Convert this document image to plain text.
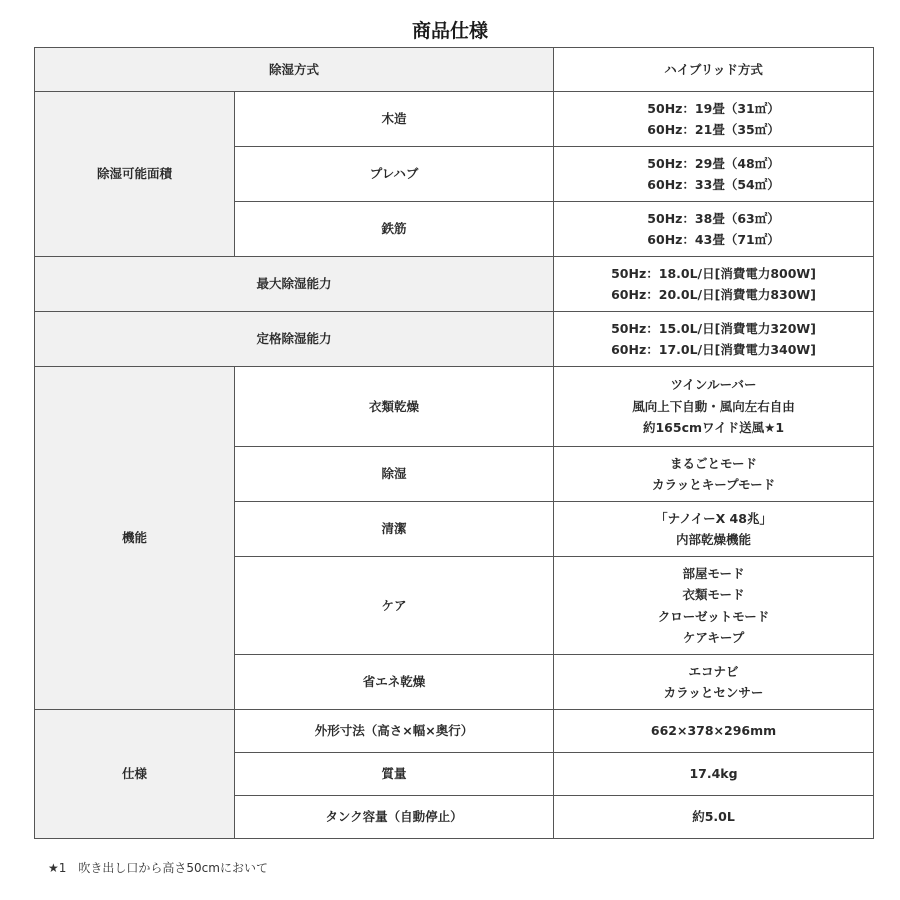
商品仕様
除湿方式		ハイブリッド方式

除湿可能面積	木造	50Hz：19畳（31㎡）
60Hz：21畳（35㎡）

	プレハブ	50Hz：29畳（48㎡）
60Hz：33畳（54㎡）

	鉄筋	50Hz：38畳（63㎡）
60Hz：43畳（71㎡）

最大除湿能力		50Hz：18.0L/日[消費電力800W]
60Hz：20.0L/日[消費電力830W]

定格除湿能力		50Hz：15.0L/日[消費電力320W]
60Hz：17.0L/日[消費電力340W]

機能	衣類乾燥	ツインルーバー
風向上下自動・風向左右自由
約165cmワイド送風★1

	除湿	まるごとモード
カラッとキープモード

	清潔	「ナノイーX 48兆」
内部乾燥機能

	ケア	部屋モード
衣類モード
クローゼットモード
ケアキープ

	省エネ乾燥	エコナビ
カラッとセンサー

仕様	外形寸法（高さ×幅×奥行）	662×378×296mm

	質量	17.4kg

	タンク容量（自動停止）	約5.0L
★1 吹き出し口から高さ50cmにおいて
